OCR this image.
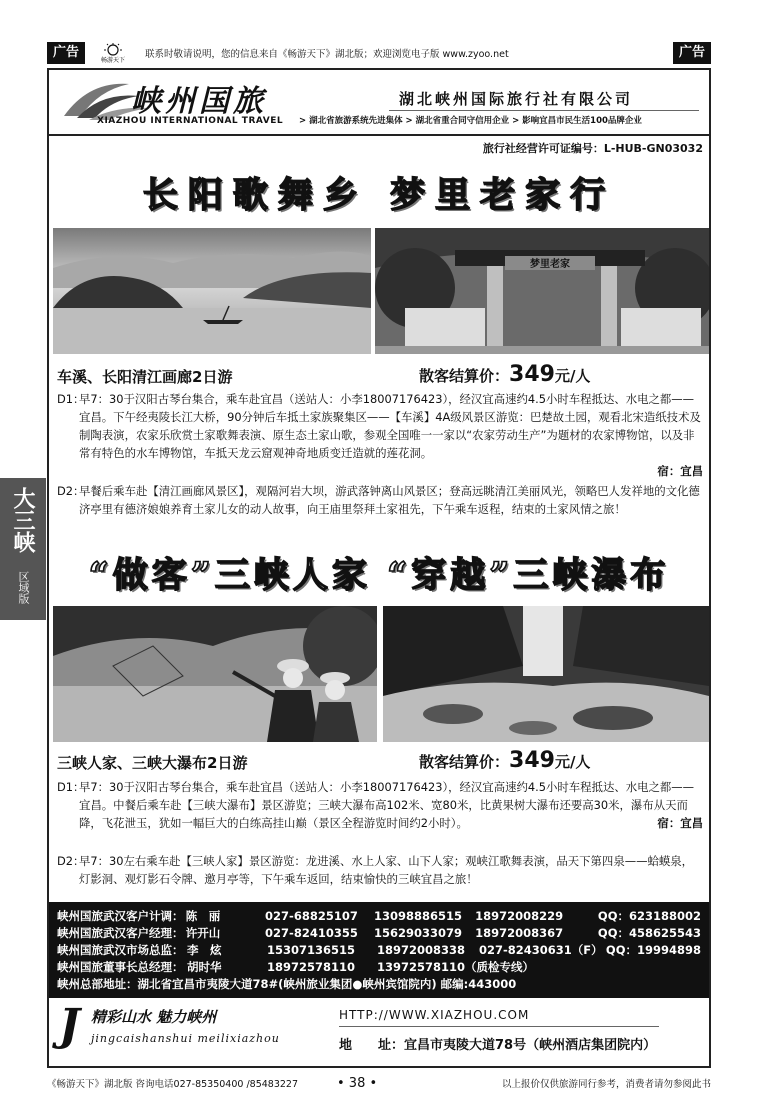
广告
畅游天下
联系时敬请说明，您的信息来自《畅游天下》湖北版；欢迎浏览电子版 www.zyoo.net	广告
峡州国旅
XIAZHOU INTERNATIONAL TRAVEL
湖北峡州国际旅行社有限公司
> 湖北省旅游系统先进集体 > 湖北省重合同守信用企业 > 影响宜昌市民生活100品牌企业
旅行社经营许可证编号：L-HUB-GN03032
长阳歌舞乡 梦里老家行
梦里老家
车溪、长阳清江画廊2日游	散客结算价：349元/人
D1：
早7：30于汉阳古琴台集合，乘车赴宜昌（送站人：小李18007176423），经汉宜高速约4.5小时车程抵达、水电之都——宜昌。下午经夷陵长江大桥，90分钟后车抵土家族聚集区——【车溪】4A级风景区游览：巴楚故土园，观看北宋造纸技术及制陶表演，农家乐欣赏土家歌舞表演、原生态土家山歌，参观全国唯一一家以“农家劳动生产”为题材的农家博物馆，以及非常有特色的水车博物馆，车抵天龙云窟观神奇地质变迁造就的莲花洞。
宿：宜昌
D2：
早餐后乘车赴【清江画廊风景区】，观隔河岩大坝，游武落钟离山风景区；登高远眺清江美丽风光，领略巴人发祥地的文化德济亭里有德济娘娘养育土家儿女的动人故事，向王庙里祭拜土家祖先，下午乘车返程，结束的土家风情之旅！
“做客”三峡人家 “穿越”三峡瀑布
三峡人家、三峡大瀑布2日游	散客结算价：349元/人
D1：
早7：30于汉阳古琴台集合，乘车赴宜昌（送站人：小李18007176423），经汉宜高速约4.5小时车程抵达、水电之都——宜昌。中餐后乘车赴【三峡大瀑布】景区游览；三峡大瀑布高102米、宽80米，比黄果树大瀑布还要高30米，瀑布从天而降，飞花泄玉，犹如一幅巨大的白练高挂山巅（景区全程游览时间约2小时）。	宿：宜昌
D2：
早7：30左右乘车赴【三峡人家】景区游览：龙进溪、水上人家、山下人家；观峡江歌舞表演，品天下第四泉——蛤蟆泉，灯影洞、观灯影石令牌、邀月亭等，下午乘车返回，结束愉快的三峡宜昌之旅！
峡州国旅武汉客户计调： 陈　丽	027-68825107	13098886515	18972008229	QQ：623188002
峡州国旅武汉客户经理： 许开山	027-82410355	15629033079	18972008367	QQ：458625543
峡州国旅武汉市场总监： 李　炫	15307136515	18972008338	027-82430631（F） QQ：19994898
峡州国旅董事长总经理： 胡时华	18972578110	13972578110（质检专线）
峡州总部地址：湖北省宜昌市夷陵大道78#(峡州旅业集团●峡州宾馆院内) 邮编:443000
J 精彩山水 魅力峡州
jingcaishanshui meilixiazhou
HTTP://WWW.XIAZHOU.COM
地　　址：宜昌市夷陵大道78号（峡州酒店集团院内）
大三峡
区域版
《畅游天下》湖北版 咨询电话027-85350400 /85483227	• 38 •	以上报价仅供旅游同行参考，消费者请勿参阅此书
